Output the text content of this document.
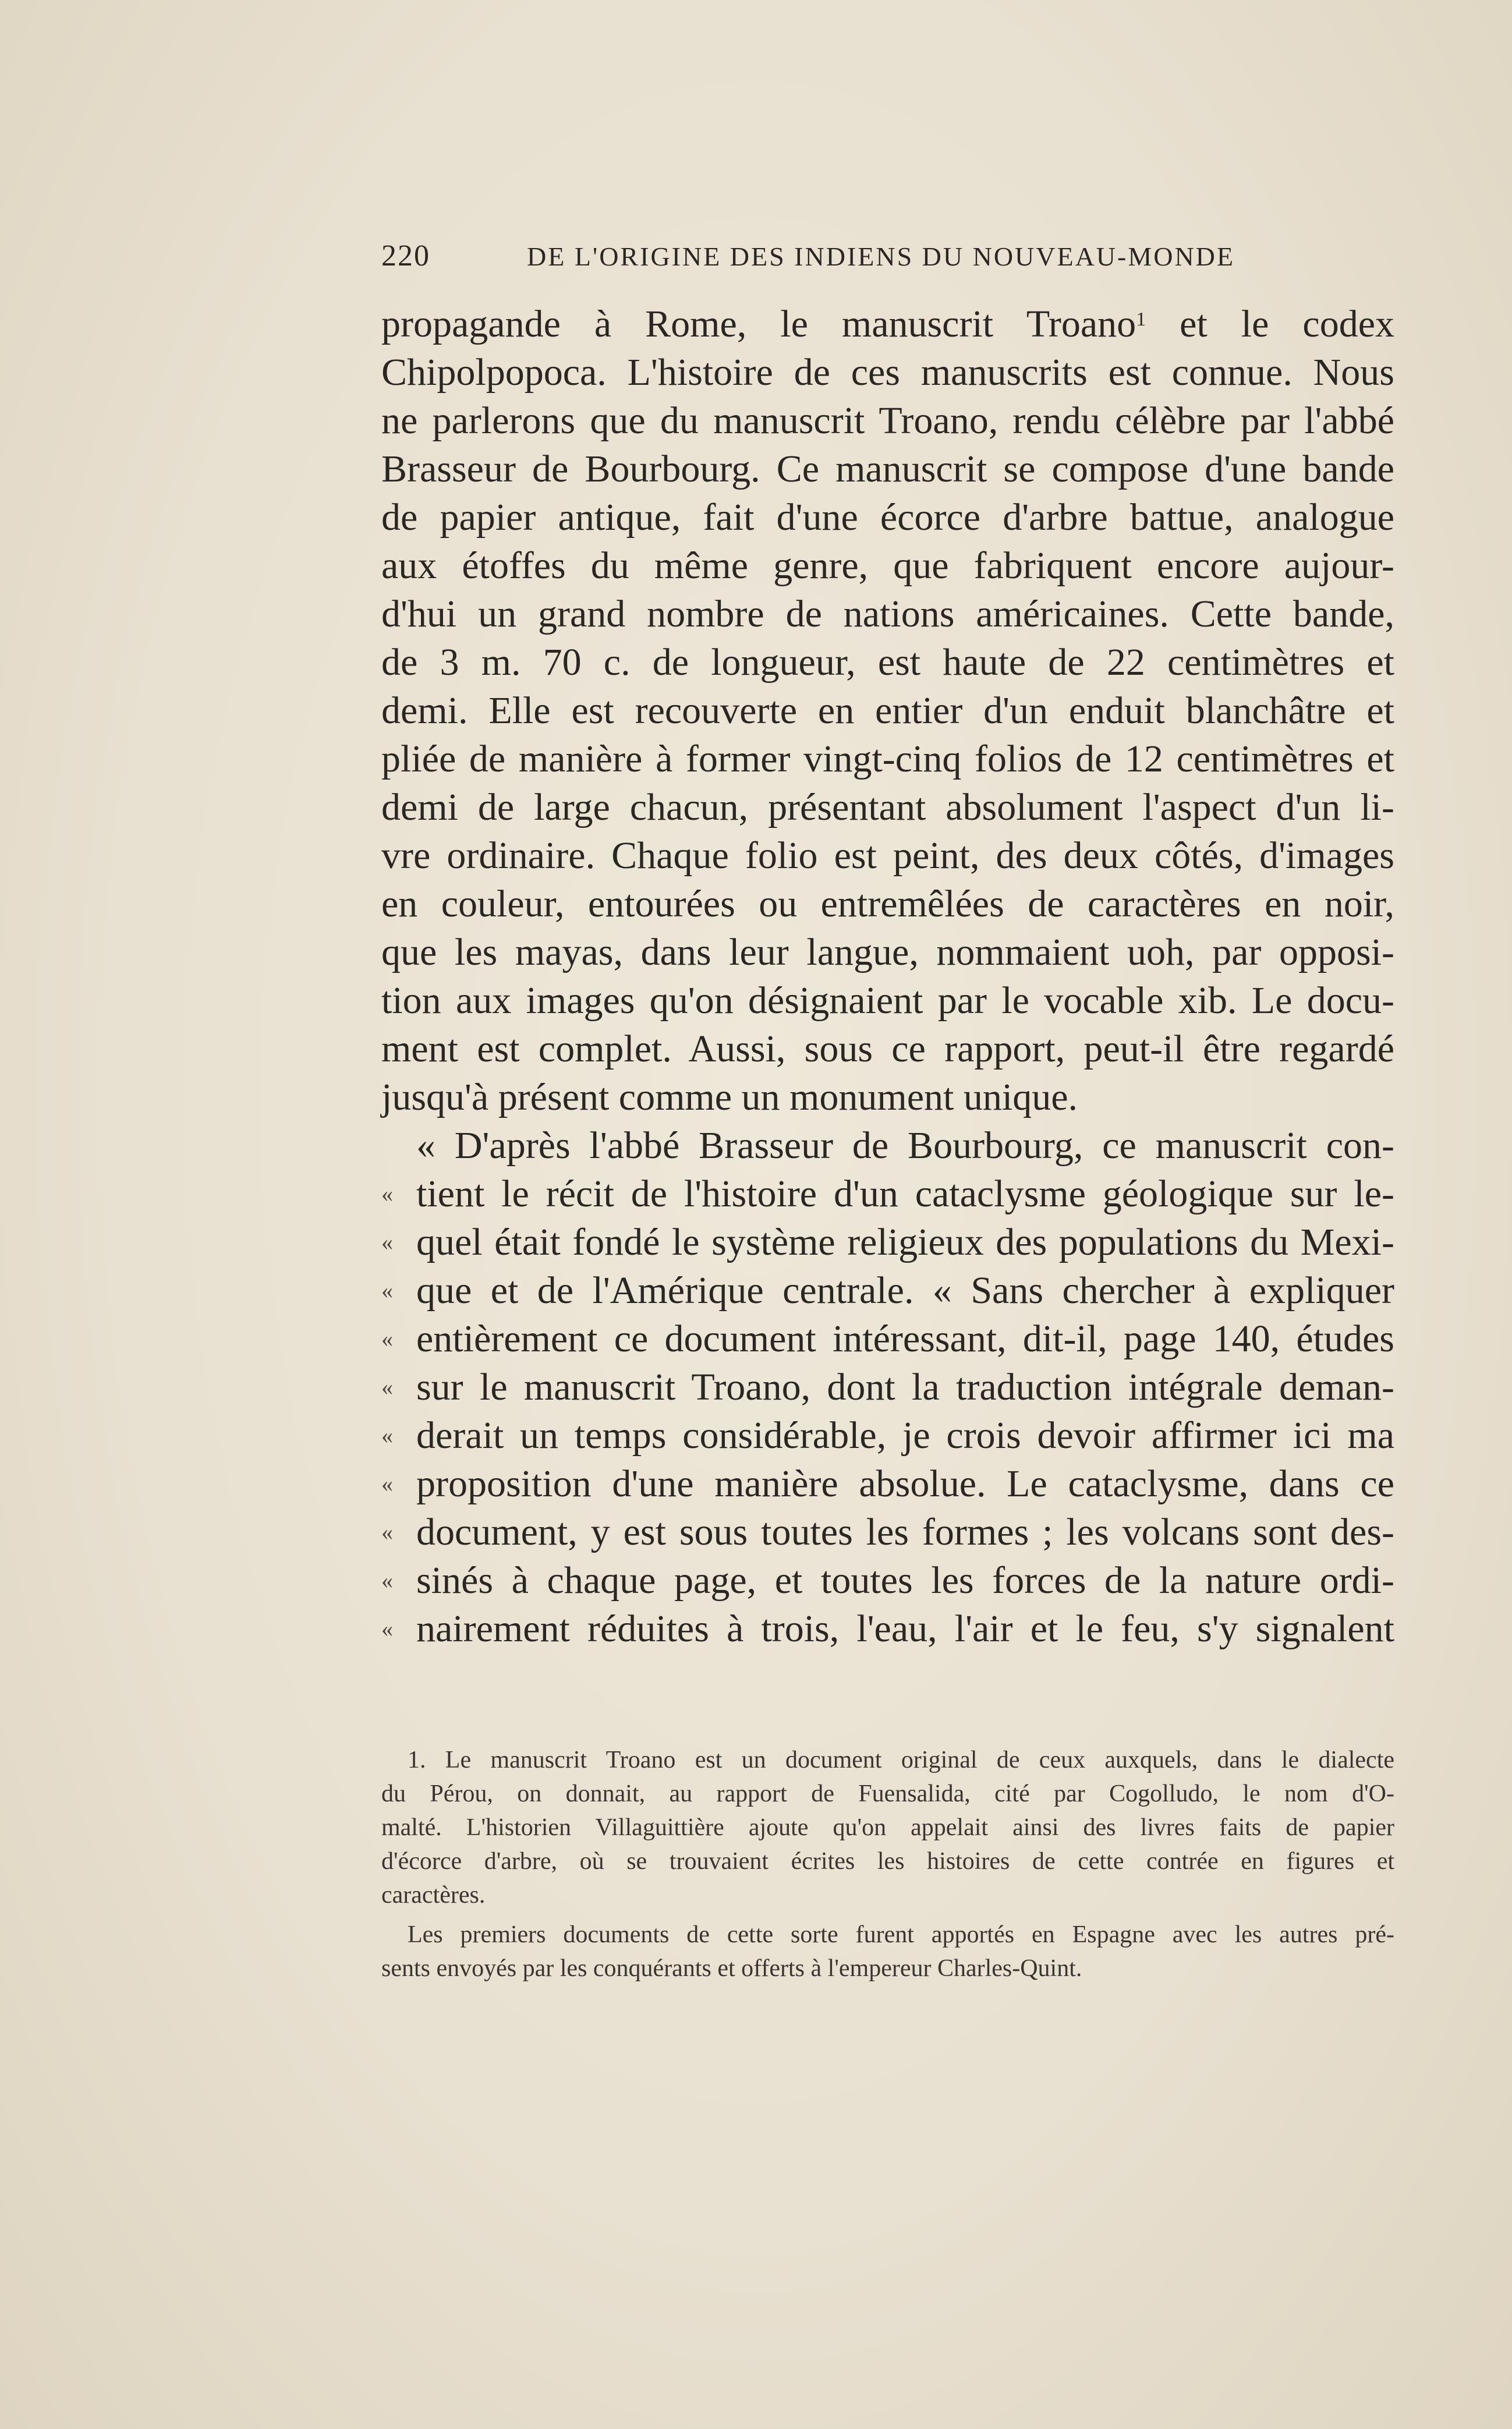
220	DE L'ORIGINE DES INDIENS DU NOUVEAU-MONDE
propagande à Rome, le manuscrit Troano$^1$ et le codex
Chipolpopoca. L'histoire de ces manuscrits est connue. Nous
ne parlerons que du manuscrit Troano, rendu célèbre par l'abbé
Brasseur de Bourbourg. Ce manuscrit se compose d'une bande
de papier antique, fait d'une écorce d'arbre battue, analogue
aux étoffes du même genre, que fabriquent encore aujour-
d'hui un grand nombre de nations américaines. Cette bande,
de 3 m. 70 c. de longueur, est haute de 22 centimètres et
demi. Elle est recouverte en entier d'un enduit blanchâtre et
pliée de manière à former vingt-cinq folios de 12 centimètres et
demi de large chacun, présentant absolument l'aspect d'un li-
vre ordinaire. Chaque folio est peint, des deux côtés, d'images
en couleur, entourées ou entremêlées de caractères en noir,
que les mayas, dans leur langue, nommaient uoh, par opposi-
tion aux images qu'on désignaient par le vocable xib. Le docu-
ment est complet. Aussi, sous ce rapport, peut-il être regardé
jusqu'à présent comme un monument unique.
« D'après l'abbé Brasseur de Bourbourg, ce manuscrit con-
« tient le récit de l'histoire d'un cataclysme géologique sur le-
« quel était fondé le système religieux des populations du Mexi-
« que et de l'Amérique centrale. « Sans chercher à expliquer
« entièrement ce document intéressant, dit-il, page 140, études
« sur le manuscrit Troano, dont la traduction intégrale deman-
« derait un temps considérable, je crois devoir affirmer ici ma
« proposition d'une manière absolue. Le cataclysme, dans ce
« document, y est sous toutes les formes ; les volcans sont des-
« sinés à chaque page, et toutes les forces de la nature ordi-
« nairement réduites à trois, l'eau, l'air et le feu, s'y signalent
1. Le manuscrit Troano est un document original de ceux auxquels, dans le dialecte
du Pérou, on donnait, au rapport de Fuensalida, cité par Cogolludo, le nom d'O-
malté. L'historien Villaguittière ajoute qu'on appelait ainsi des livres faits de papier
d'écorce d'arbre, où se trouvaient écrites les histoires de cette contrée en figures et
caractères.
Les premiers documents de cette sorte furent apportés en Espagne avec les autres pré-
sents envoyés par les conquérants et offerts à l'empereur Charles-Quint.
